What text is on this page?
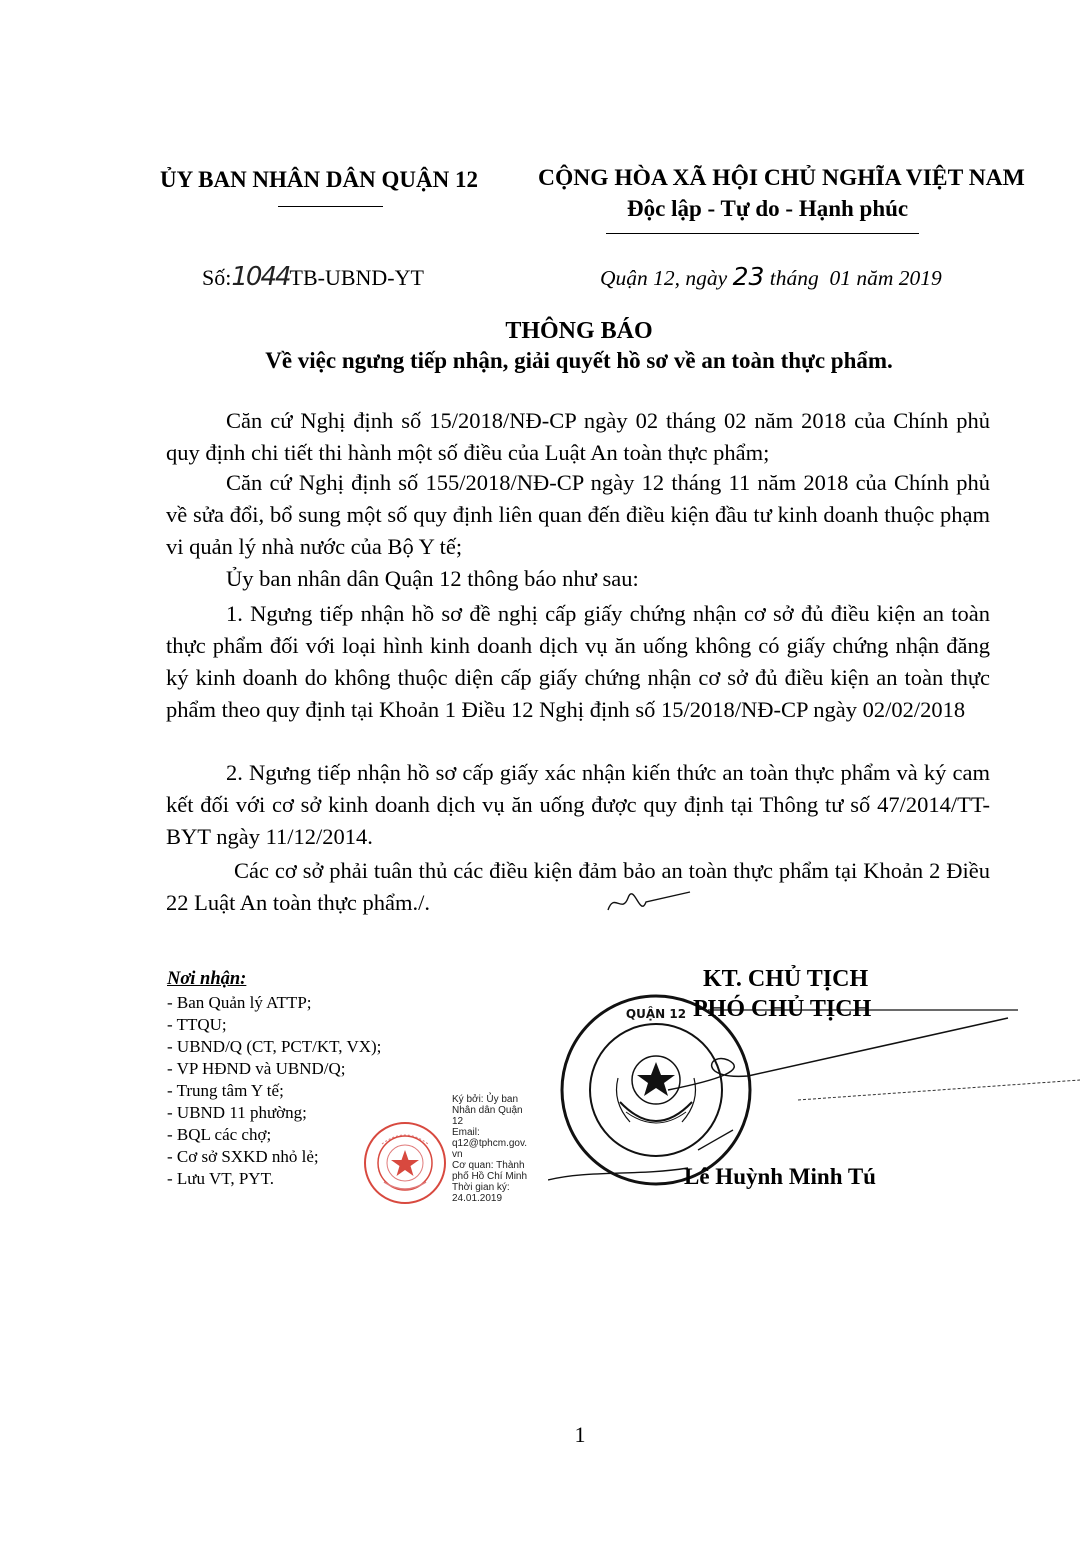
ỦY BAN NHÂN DÂN QUẬN 12	CỘNG HÒA XÃ HỘI CHỦ NGHĨA VIỆT NAM
Độc lập - Tự do - Hạnh phúc
Số:1044TB-UBND-YT	Quận 12, ngày 23 tháng  01 năm 2019
THÔNG BÁO
Về việc ngưng tiếp nhận, giải quyết hồ sơ về an toàn thực phẩm.
Căn cứ Nghị định số 15/2018/NĐ-CP ngày 02 tháng 02 năm 2018 của Chính phủ quy định chi tiết thi hành một số điều của Luật An toàn thực phẩm;
Căn cứ Nghị định số 155/2018/NĐ-CP ngày 12 tháng 11 năm 2018 của Chính phủ về sửa đổi, bổ sung một số quy định liên quan đến điều kiện đầu tư kinh doanh thuộc phạm vi quản lý nhà nước của Bộ Y tế;
Ủy ban nhân dân Quận 12 thông báo như sau:
1. Ngưng tiếp nhận hồ sơ đề nghị cấp giấy chứng nhận cơ sở đủ điều kiện an toàn thực phẩm đối với loại hình kinh doanh dịch vụ ăn uống không có giấy chứng nhận đăng ký kinh doanh do không thuộc diện cấp giấy chứng nhận cơ sở đủ điều kiện an toàn thực phẩm theo quy định tại Khoản 1 Điều 12 Nghị định số 15/2018/NĐ-CP ngày 02/02/2018
2. Ngưng tiếp nhận hồ sơ cấp giấy xác nhận kiến thức an toàn thực phẩm và ký cam kết đối với cơ sở kinh doanh dịch vụ ăn uống được quy định tại Thông tư số 47/2014/TT-BYT ngày 11/12/2014.
Các cơ sở phải tuân thủ các điều kiện đảm bảo an toàn thực phẩm tại Khoản 2 Điều 22 Luật An toàn thực phẩm./.
Nơi nhận:
- Ban Quản lý ATTP;
- TTQU;
- UBND/Q (CT, PCT/KT, VX);
- VP HĐND và UBND/Q;
- Trung tâm Y tế;
- UBND 11 phường;
- BQL các chợ;
- Cơ sở SXKD nhỏ lẻ;
- Lưu VT, PYT.
Ký bởi: Ủy ban
Nhân dân Quận
12
Email:
q12@tphcm.gov.
vn
Cơ quan: Thành
phố Hồ Chí Minh
Thời gian ký:
24.01.2019
QUẬN 12
KT. CHỦ TỊCH
PHÓ CHỦ TỊCH
Lê Huỳnh Minh Tú
1
